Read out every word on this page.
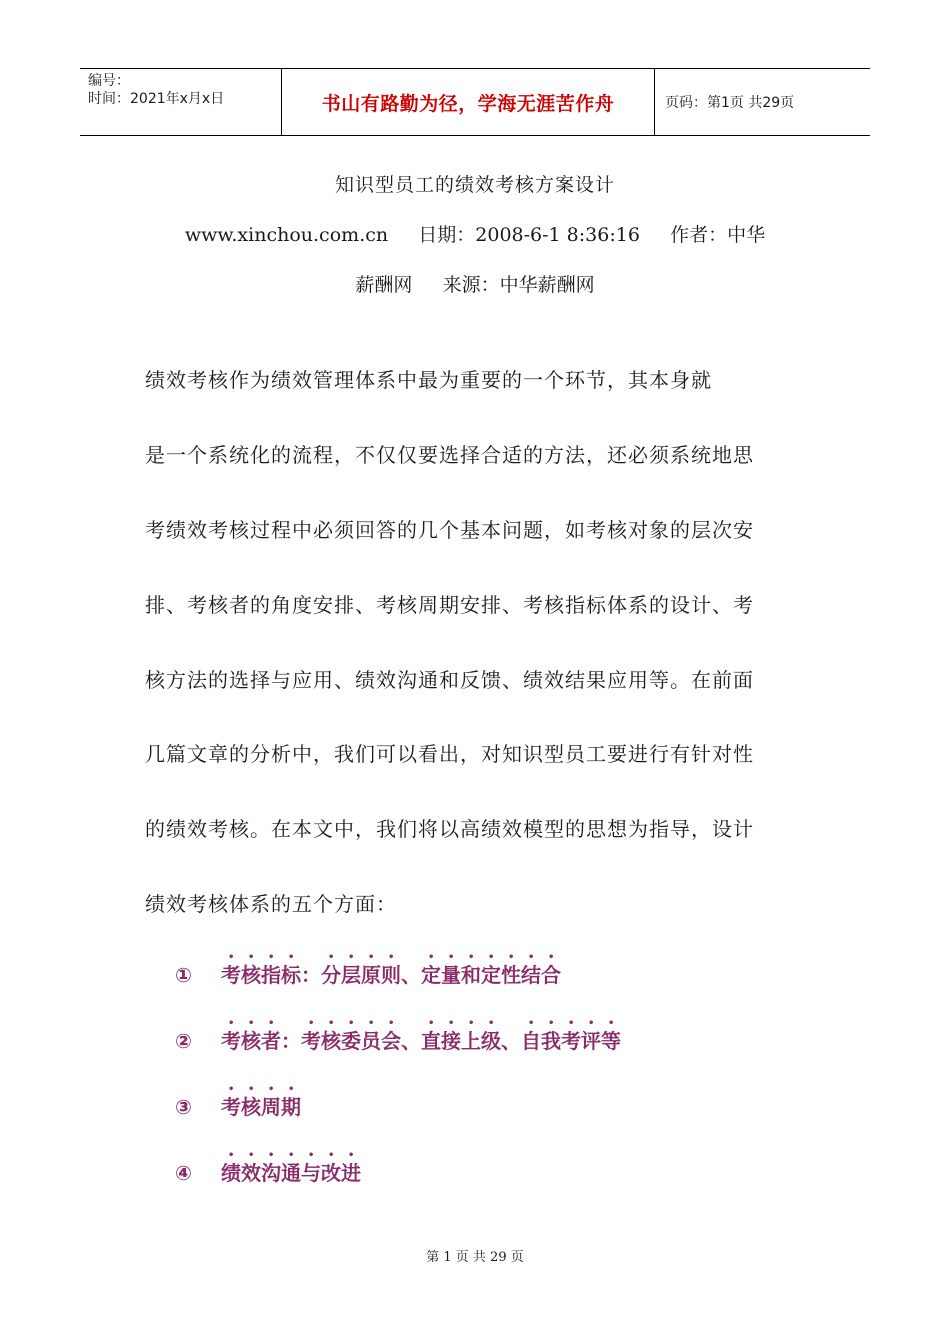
编号：
时间：2021年x月x日	书山有路勤为径，学海无涯苦作舟	页码：第1页 共29页
知识型员工的绩效考核方案设计
www.xinchou.com.cn     日期：2008-6-1 8:36:16     作者：中华
薪酬网     来源：中华薪酬网
绩效考核作为绩效管理体系中最为重要的一个环节，其本身就
是一个系统化的流程，不仅仅要选择合适的方法，还必须系统地思
考绩效考核过程中必须回答的几个基本问题，如考核对象的层次安
排、考核者的角度安排、考核周期安排、考核指标体系的设计、考
核方法的选择与应用、绩效沟通和反馈、绩效结果应用等。在前面
几篇文章的分析中，我们可以看出，对知识型员工要进行有针对性
的绩效考核。在本文中，我们将以高绩效模型的思想为指导，设计
绩效考核体系的五个方面：
① 考核指标：分层原则、定量和定性结合
② 考核者：考核委员会、直接上级、自我考评等
③ 考核周期
④ 绩效沟通与改进
第 1 页 共 29 页
